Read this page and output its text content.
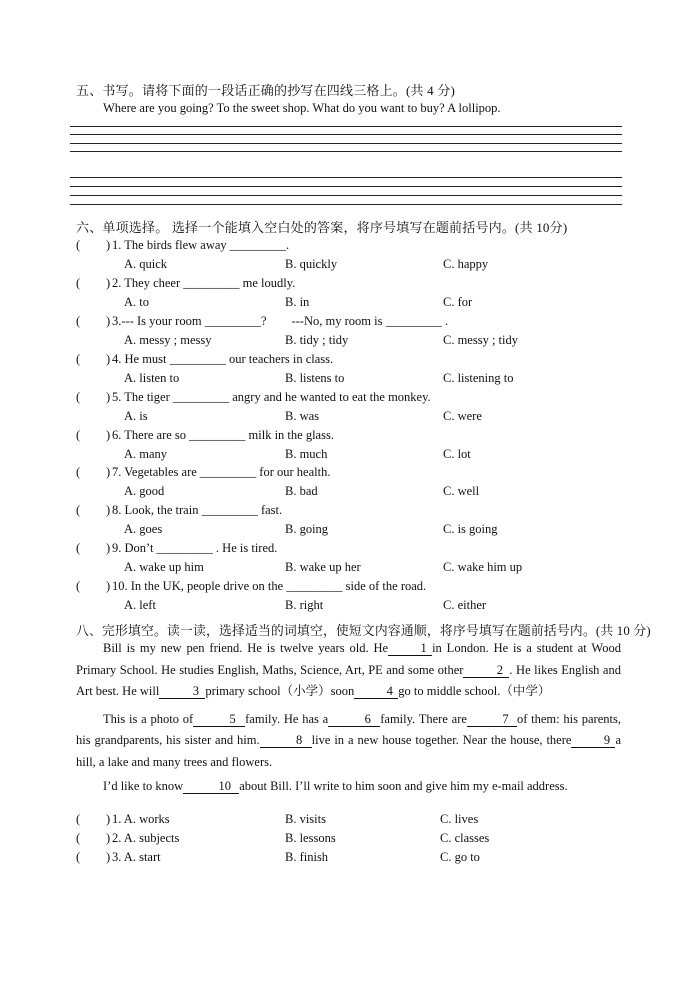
五、书写。请将下面的一段话正确的抄写在四线三格上。(共 4 分)
Where are you going? To the sweet shop. What do you want to buy? A lollipop.
六、单项选择。 选择一个能填入空白处的答案，将序号填写在题前括号内。(共 10分)
( ) 1. The birds flew away _________.
A. quick	B. quickly	C. happy
( ) 2. They cheer _________ me loudly.
A. to	B. in	C. for
( ) 3.--- Is your room _________?        ---No, my room is _________ .
A. messy ; messy	B. tidy ; tidy	C. messy ; tidy
( ) 4. He must _________ our teachers in class.
A. listen to	B. listens to	C. listening to
( ) 5. The tiger _________ angry and he wanted to eat the monkey.
A. is	B. was	C. were
( ) 6. There are so _________ milk in the glass.
A. many	B. much	C. lot
( ) 7. Vegetables are _________ for our health.
A. good	B. bad	C. well
( ) 8. Look, the train _________ fast.
A. goes	B. going	C. is going
( ) 9. Don’t _________ . He is tired.
A. wake up him	B. wake up her	C. wake him up
( ) 10. In the UK, people drive on the _________ side of the road.
A. left	B. right	C. either
八、完形填空。读一读，选择适当的词填空，使短文内容通顺，将序号填写在题前括号内。(共 10 分)

Bill is my new pen friend. He is twelve years old. He	1 in London. He is a student at Wood Primary School. He studies English, Maths, Science, Art, PE and some other	2 . He likes English and Art best. He will	3 primary school（小学）soon	4 go to middle school.（中学）

This is a photo of	5 family. He has a	6 family. There are	7 of them: his parents, his grandparents, his sister and him.	8 live in a new house together. Near the house, there	9 a hill, a lake and many trees and flowers.

I’d like to know	10 about Bill. I’ll write to him soon and give him my e-mail address.

( ) 1. A. works	B. visits	C. lives
( ) 2. A. subjects	B. lessons	C. classes
( ) 3. A. start	B. finish	C. go to
